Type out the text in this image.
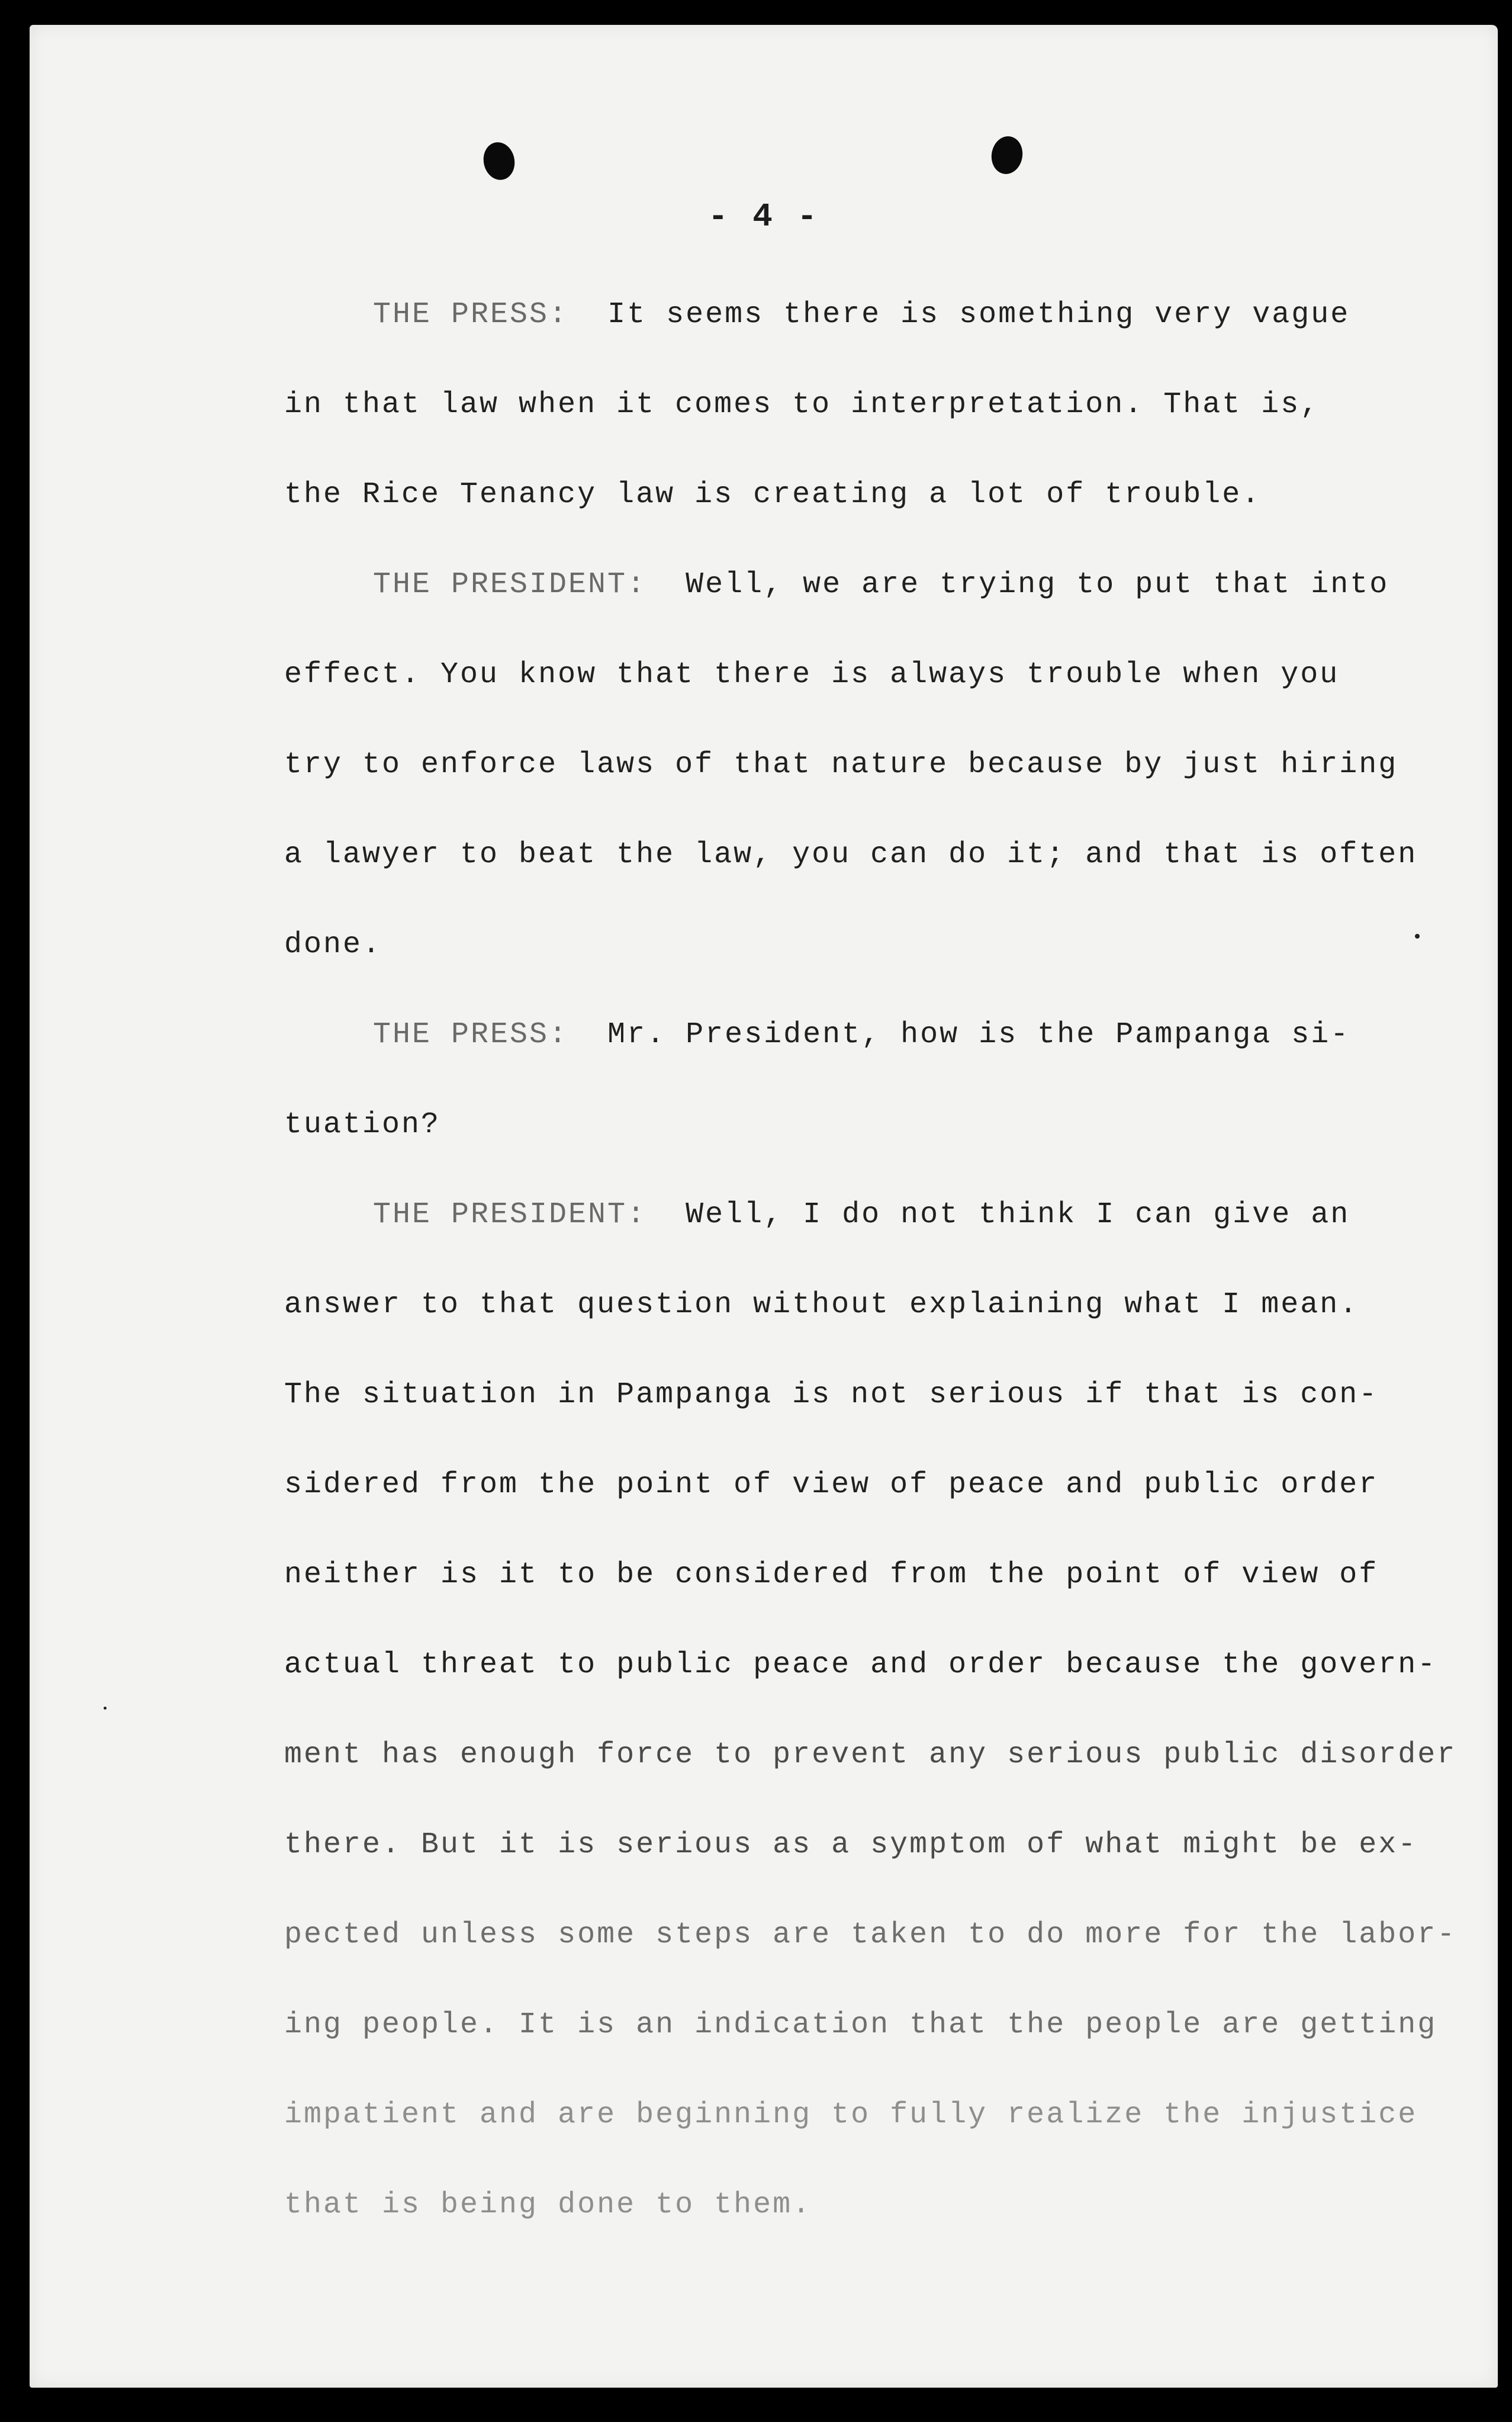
- 4 -
THE PRESS: It seems there is something very vague
in that law when it comes to interpretation. That is,
the Rice Tenancy law is creating a lot of trouble.
THE PRESIDENT: Well, we are trying to put that into
effect. You know that there is always trouble when you
try to enforce laws of that nature because by just hiring
a lawyer to beat the law, you can do it; and that is often
done.
THE PRESS: Mr. President, how is the Pampanga si-
tuation?
THE PRESIDENT: Well, I do not think I can give an
answer to that question without explaining what I mean.
The situation in Pampanga is not serious if that is con-
sidered from the point of view of peace and public order
neither is it to be considered from the point of view of
actual threat to public peace and order because the govern-
ment has enough force to prevent any serious public disorder
there. But it is serious as a symptom of what might be ex-
pected unless some steps are taken to do more for the labor-
ing people. It is an indication that the people are getting
impatient and are beginning to fully realize the injustice
that is being done to them.
